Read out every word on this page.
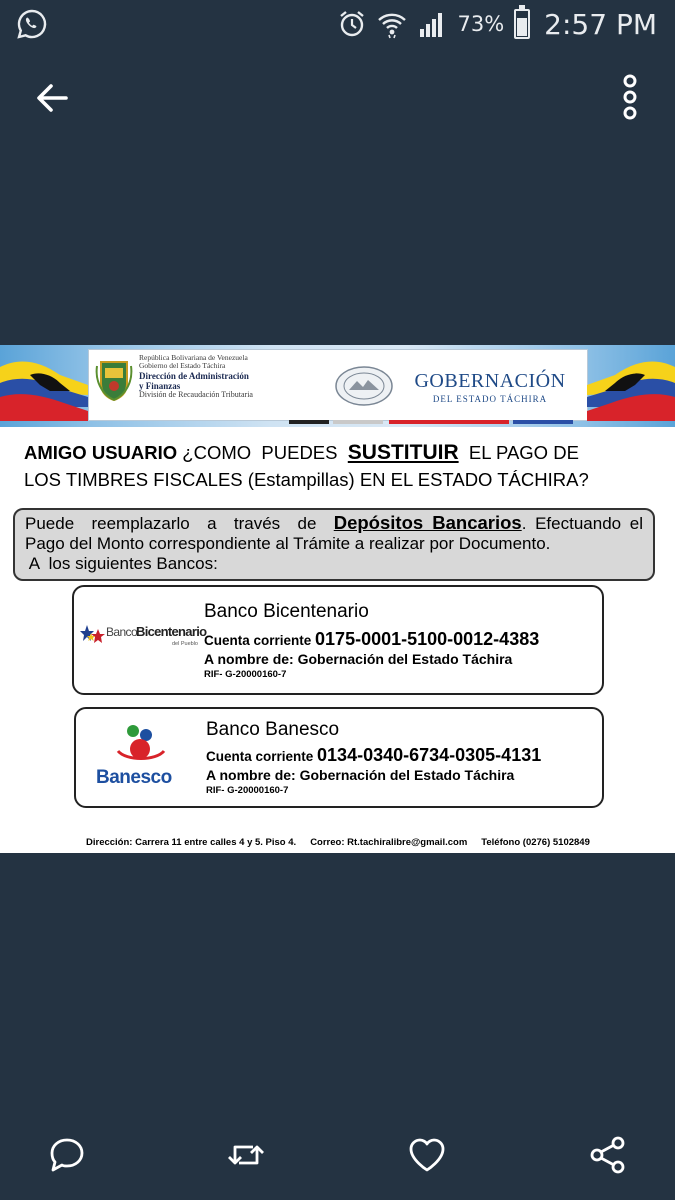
73% 2:57 PM
República Bolivariana de Venezuela
Gobierno del Estado Táchira
Dirección de Administración
y Finanzas
División de Recaudación Tributaria
GOBERNACIÓN
DEL ESTADO TÁCHIRA
AMIGO USUARIO ¿COMO  PUEDES  SUSTITUIR  EL PAGO DE
LOS TIMBRES FISCALES (Estampillas) EN EL ESTADO TÁCHIRA?
Puede  reemplazarlo  a  través  de  Depósitos Bancarios. Efectuando el
Pago del Monto correspondiente al Trámite a realizar por Documento.
A  los siguientes Bancos:
Banco
Bicentenario
del Pueblo
Banco Bicentenario
Cuenta corriente 0175-0001-5100-0012-4383
A nombre de: Gobernación del Estado Táchira
RIF- G-20000160-7
Banesco
Banco Banesco
Cuenta corriente 0134-0340-6734-0305-4131
A nombre de: Gobernación del Estado Táchira
RIF- G-20000160-7
Dirección: Carrera 11 entre calles 4 y 5. Piso 4. Correo: Rt.tachiralibre@gmail.com Teléfono (0276) 5102849
